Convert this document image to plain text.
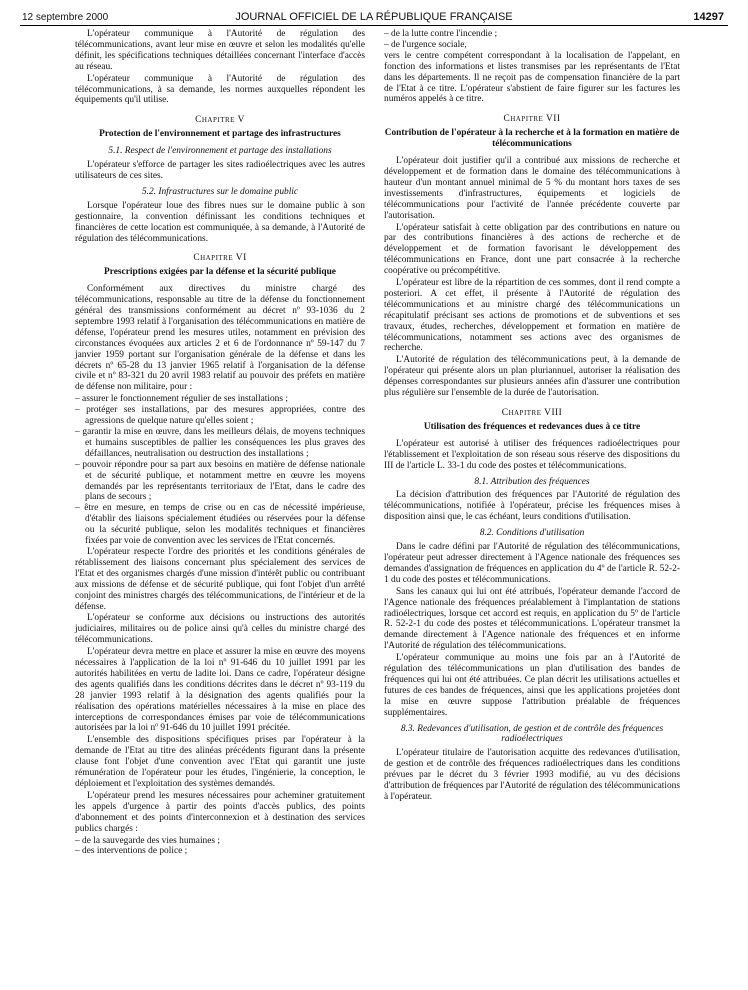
12 septembre 2000	JOURNAL OFFICIEL DE LA RÉPUBLIQUE FRANÇAISE	14297

L'opérateur communique à l'Autorité de régulation des télécommunications, avant leur mise en œuvre et selon les modalités qu'elle définit, les spécifications techniques détaillées concernant l'interface d'accès au réseau.

L'opérateur communique à l'Autorité de régulation des télécommunications, à sa demande, les normes auxquelles répondent les équipements qu'il utilise.

Chapitre V
Protection de l'environnement et partage des infrastructures
5.1. Respect de l'environnement et partage des installations

L'opérateur s'efforce de partager les sites radioélectriques avec les autres utilisateurs de ces sites.

5.2. Infrastructures sur le domaine public

Lorsque l'opérateur loue des fibres nues sur le domaine public à son gestionnaire, la convention définissant les conditions techniques et financières de cette location est communiquée, à sa demande, à l'Autorité de régulation des télécommunications.

Chapitre VI
Prescriptions exigées par la défense et la sécurité publique

Conformément aux directives du ministre chargé des télécommunications, responsable au titre de la défense du fonctionnement général des transmissions conformément au décret nº 93-1036 du 2 septembre 1993 relatif à l'organisation des télécommunications en matière de défense, l'opérateur prend les mesures utiles, notamment en prévision des circonstances évoquées aux articles 2 et 6 de l'ordonnance nº 59-147 du 7 janvier 1959 portant sur l'organisation générale de la défense et dans les décrets nº 65-28 du 13 janvier 1965 relatif à l'organisation de la défense civile et nº 83-321 du 20 avril 1983 relatif au pouvoir des préfets en matière de défense non militaire, pour :

– assurer le fonctionnement régulier de ses installations ;

– protéger ses installations, par des mesures appropriées, contre des agressions de quelque nature qu'elles soient ;

– garantir la mise en œuvre, dans les meilleurs délais, de moyens techniques et humains susceptibles de pallier les conséquences les plus graves des défaillances, neutralisation ou destruction des installations ;

– pouvoir répondre pour sa part aux besoins en matière de défense nationale et de sécurité publique, et notamment mettre en œuvre les moyens demandés par les représentants territoriaux de l'Etat, dans le cadre des plans de secours ;

– être en mesure, en temps de crise ou en cas de nécessité impérieuse, d'établir des liaisons spécialement étudiées ou réservées pour la défense ou la sécurité publique, selon les modalités techniques et financières fixées par voie de convention avec les services de l'Etat concernés.

L'opérateur respecte l'ordre des priorités et les conditions générales de rétablissement des liaisons concernant plus spécialement des services de l'Etat et des organismes chargés d'une mission d'intérêt public ou contribuant aux missions de défense et de sécurité publique, qui font l'objet d'un arrêté conjoint des ministres chargés des télécommunications, de l'intérieur et de la défense.

L'opérateur se conforme aux décisions ou instructions des autorités judiciaires, militaires ou de police ainsi qu'à celles du ministre chargé des télécommunications.

L'opérateur devra mettre en place et assurer la mise en œuvre des moyens nécessaires à l'application de la loi nº 91-646 du 10 juillet 1991 par les autorités habilitées en vertu de ladite loi. Dans ce cadre, l'opérateur désigne des agents qualifiés dans les conditions décrites dans le décret nº 93-119 du 28 janvier 1993 relatif à la désignation des agents qualifiés pour la réalisation des opérations matérielles nécessaires à la mise en place des interceptions de correspondances émises par voie de télécommunications autorisées par la loi nº 91-646 du 10 juillet 1991 précitée.

L'ensemble des dispositions spécifiques prises par l'opérateur à la demande de l'Etat au titre des alinéas précédents figurant dans la présente clause font l'objet d'une convention avec l'Etat qui garantit une juste rémunération de l'opérateur pour les études, l'ingénierie, la conception, le déploiement et l'exploitation des systèmes demandés.

L'opérateur prend les mesures nécessaires pour acheminer gratuitement les appels d'urgence à partir des points d'accès publics, des points d'abonnement et des points d'interconnexion et à destination des services publics chargés :

– de la sauvegarde des vies humaines ;

– des interventions de police ;

– de la lutte contre l'incendie ;

– de l'urgence sociale,

vers le centre compétent correspondant à la localisation de l'appelant, en fonction des informations et listes transmises par les représentants de l'Etat dans les départements. Il ne reçoit pas de compensation financière de la part de l'Etat à ce titre. L'opérateur s'abstient de faire figurer sur les factures les numéros appelés à ce titre.

Chapitre VII
Contribution de l'opérateur à la recherche et à la formation en matière de télécommunications

L'opérateur doit justifier qu'il a contribué aux missions de recherche et développement et de formation dans le domaine des télécommunications à hauteur d'un montant annuel minimal de 5 % du montant hors taxes de ses investissements d'infrastructures, équipements et logiciels de télécommunications pour l'activité de l'année précédente couverte par l'autorisation.

L'opérateur satisfait à cette obligation par des contributions en nature ou par des contributions financières à des actions de recherche et de développement et de formation favorisant le développement des télécommunications en France, dont une part consacrée à la recherche coopérative ou précompétitive.

L'opérateur est libre de la répartition de ces sommes, dont il rend compte a posteriori. A cet effet, il présente à l'Autorité de régulation des télécommunications et au ministre chargé des télécommunications un récapitulatif précisant ses actions de promotions et de subventions et ses travaux, études, recherches, développement et formation en matière de télécommunications, notamment ses actions avec des organismes de recherche.

L'Autorité de régulation des télécommunications peut, à la demande de l'opérateur qui présente alors un plan pluriannuel, autoriser la réalisation des dépenses correspondantes sur plusieurs années afin d'assurer une contribution plus régulière sur l'ensemble de la durée de l'autorisation.

Chapitre VIII
Utilisation des fréquences et redevances dues à ce titre

L'opérateur est autorisé à utiliser des fréquences radioélectriques pour l'établissement et l'exploitation de son réseau sous réserve des dispositions du III de l'article L. 33-1 du code des postes et télécommunications.

8.1. Attribution des fréquences

La décision d'attribution des fréquences par l'Autorité de régulation des télécommunications, notifiée à l'opérateur, précise les fréquences mises à disposition ainsi que, le cas échéant, leurs conditions d'utilisation.

8.2. Conditions d'utilisation

Dans le cadre défini par l'Autorité de régulation des télécommunications, l'opérateur peut adresser directement à l'Agence nationale des fréquences ses demandes d'assignation de fréquences en application du 4º de l'article R. 52-2-1 du code des postes et télécommunications.

Sans les canaux qui lui ont été attribués, l'opérateur demande l'accord de l'Agence nationale des fréquences préalablement à l'implantation de stations radioélectriques, lorsque cet accord est requis, en application du 5º de l'article R. 52-2-1 du code des postes et télécommunications. L'opérateur transmet la demande directement à l'Agence nationale des fréquences et en informe l'Autorité de régulation des télécommunications.

L'opérateur communique au moins une fois par an à l'Autorité de régulation des télécommunications un plan d'utilisation des bandes de fréquences qui lui ont été attribuées. Ce plan décrit les utilisations actuelles et futures de ces bandes de fréquences, ainsi que les applications projetées dont la mise en œuvre suppose l'attribution préalable de fréquences supplémentaires.

8.3. Redevances d'utilisation, de gestion et de contrôle des fréquences radioélectriques

L'opérateur titulaire de l'autorisation acquitte des redevances d'utilisation, de gestion et de contrôle des fréquences radioélectriques dans les conditions prévues par le décret du 3 février 1993 modifié, au vu des décisions d'attribution de fréquences par l'Autorité de régulation des télécommunications à l'opérateur.
